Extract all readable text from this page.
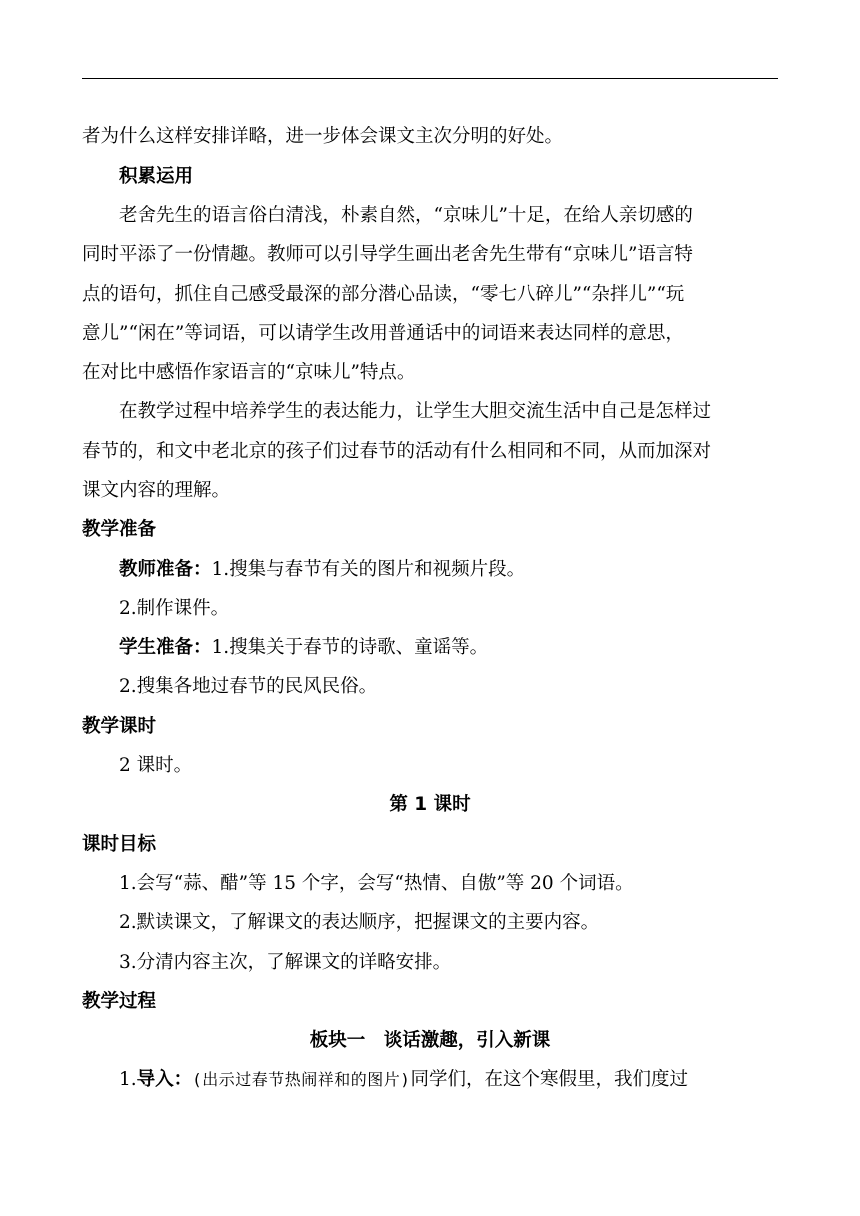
者为什么这样安排详略，进一步体会课文主次分明的好处。
积累运用
老舍先生的语言俗白清浅，朴素自然，“京味儿”十足，在给人亲切感的
同时平添了一份情趣。教师可以引导学生画出老舍先生带有“京味儿”语言特
点的语句，抓住自己感受最深的部分潜心品读，“零七八碎儿”“杂拌儿”“玩
意儿”“闲在”等词语，可以请学生改用普通话中的词语来表达同样的意思，
在对比中感悟作家语言的“京味儿”特点。
在教学过程中培养学生的表达能力，让学生大胆交流生活中自己是怎样过
春节的，和文中老北京的孩子们过春节的活动有什么相同和不同，从而加深对
课文内容的理解。
教学准备
教师准备：1.搜集与春节有关的图片和视频片段。
2.制作课件。
学生准备：1.搜集关于春节的诗歌、童谣等。
2.搜集各地过春节的民风民俗。
教学课时
2 课时。
第 1 课时
课时目标
1.会写“蒜、醋”等 15 个字，会写“热情、自傲”等 20 个词语。
2.默读课文，了解课文的表达顺序，把握课文的主要内容。
3.分清内容主次，了解课文的详略安排。
教学过程
板块一　谈话激趣，引入新课
1.导入：(出示过春节热闹祥和的图片)同学们，在这个寒假里，我们度过
